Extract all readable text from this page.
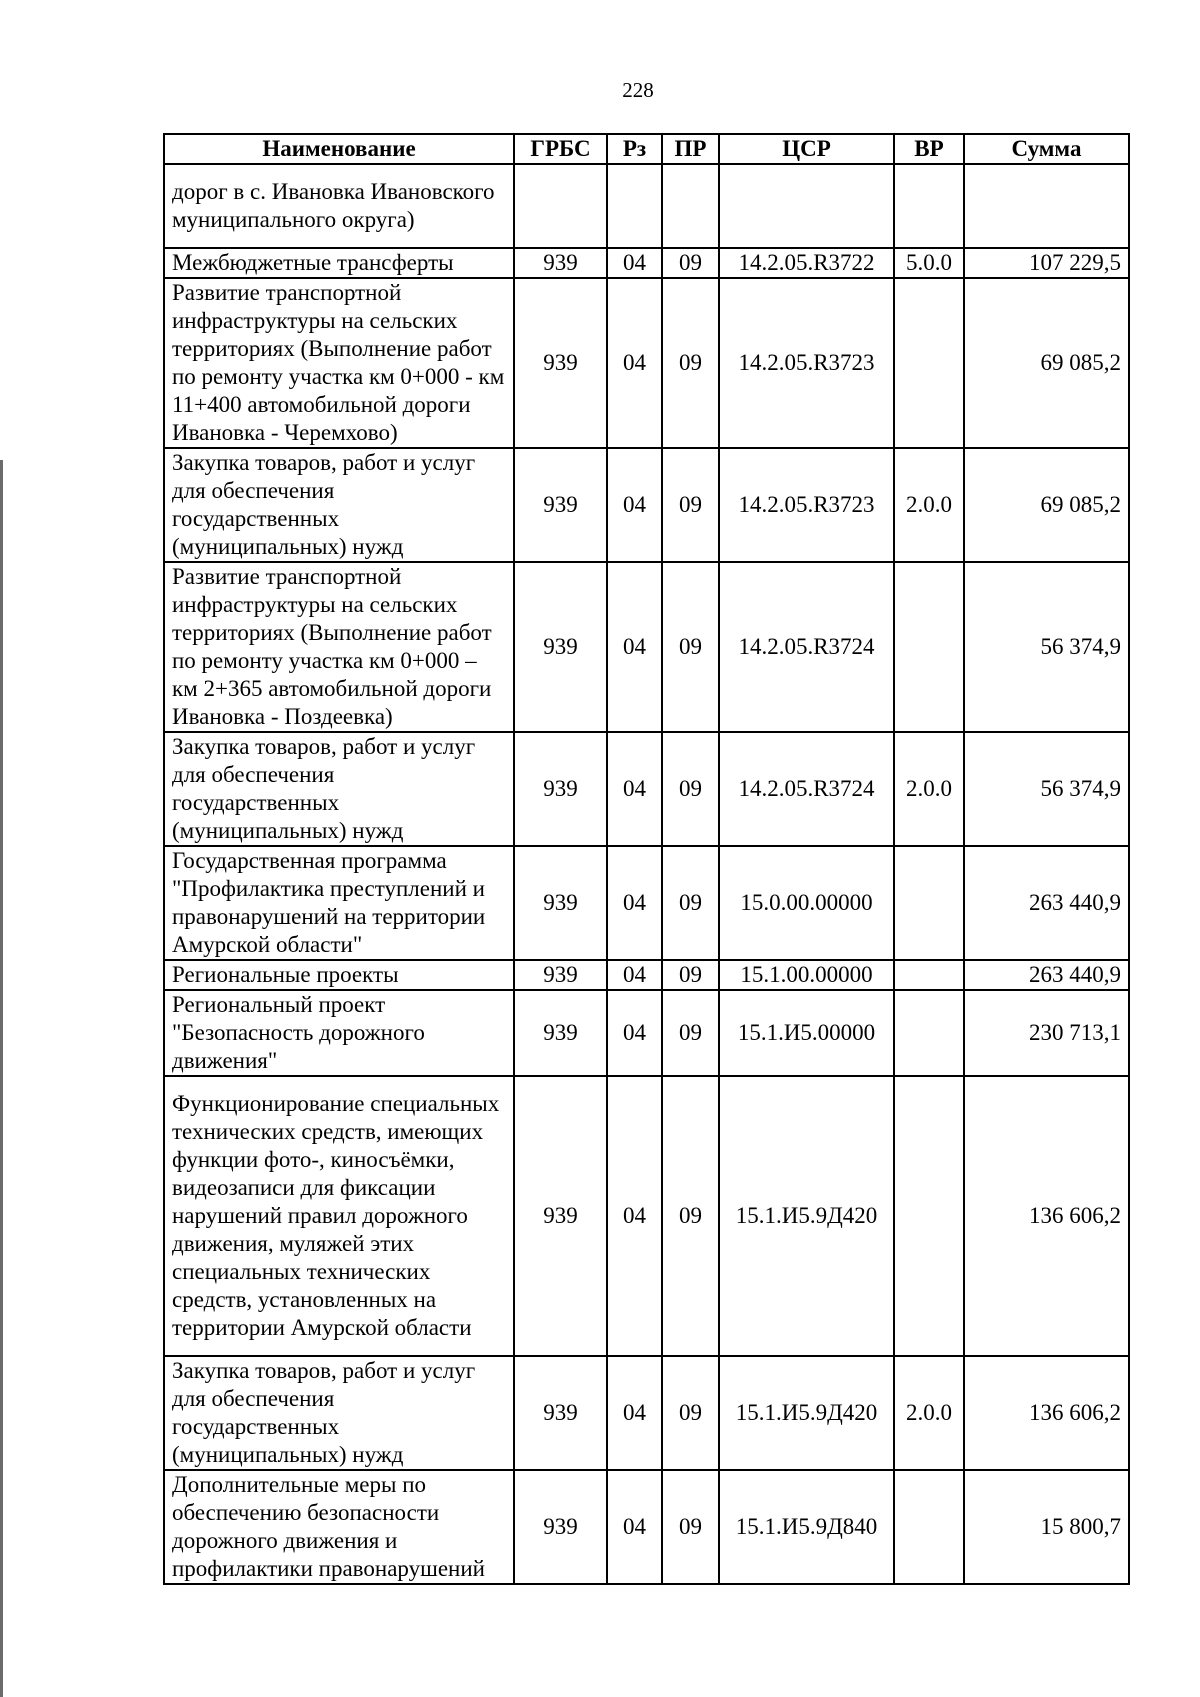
228
Наименование	ГРБС	Рз	ПР	ЦСР	ВР	Сумма
дорог в с. Ивановка Ивановского муниципального округа)						
Межбюджетные трансферты	939	04	09	14.2.05.R3722	5.0.0	107 229,5
Развитие транспортной инфраструктуры на сельских территориях (Выполнение работ по ремонту участка км 0+000 - км 11+400 автомобильной дороги Ивановка - Черемхово)	939	04	09	14.2.05.R3723		69 085,2
Закупка товаров, работ и услуг для обеспечения государственных (муниципальных) нужд	939	04	09	14.2.05.R3723	2.0.0	69 085,2
Развитие транспортной инфраструктуры на сельских территориях (Выполнение работ по ремонту участка км 0+000 – км 2+365 автомобильной дороги Ивановка - Поздеевка)	939	04	09	14.2.05.R3724		56 374,9
Закупка товаров, работ и услуг для обеспечения государственных (муниципальных) нужд	939	04	09	14.2.05.R3724	2.0.0	56 374,9
Государственная программа "Профилактика преступлений и правонарушений на территории Амурской области"	939	04	09	15.0.00.00000		263 440,9
Региональные проекты	939	04	09	15.1.00.00000		263 440,9
Региональный проект "Безопасность дорожного движения"	939	04	09	15.1.И5.00000		230 713,1
Функционирование специальных технических средств, имеющих функции фото-, киносъёмки, видеозаписи для фиксации нарушений правил дорожного движения, муляжей этих специальных технических средств, установленных на территории Амурской области	939	04	09	15.1.И5.9Д420		136 606,2
Закупка товаров, работ и услуг для обеспечения государственных (муниципальных) нужд	939	04	09	15.1.И5.9Д420	2.0.0	136 606,2
Дополнительные меры по обеспечению безопасности дорожного движения и профилактики правонарушений	939	04	09	15.1.И5.9Д840		15 800,7
